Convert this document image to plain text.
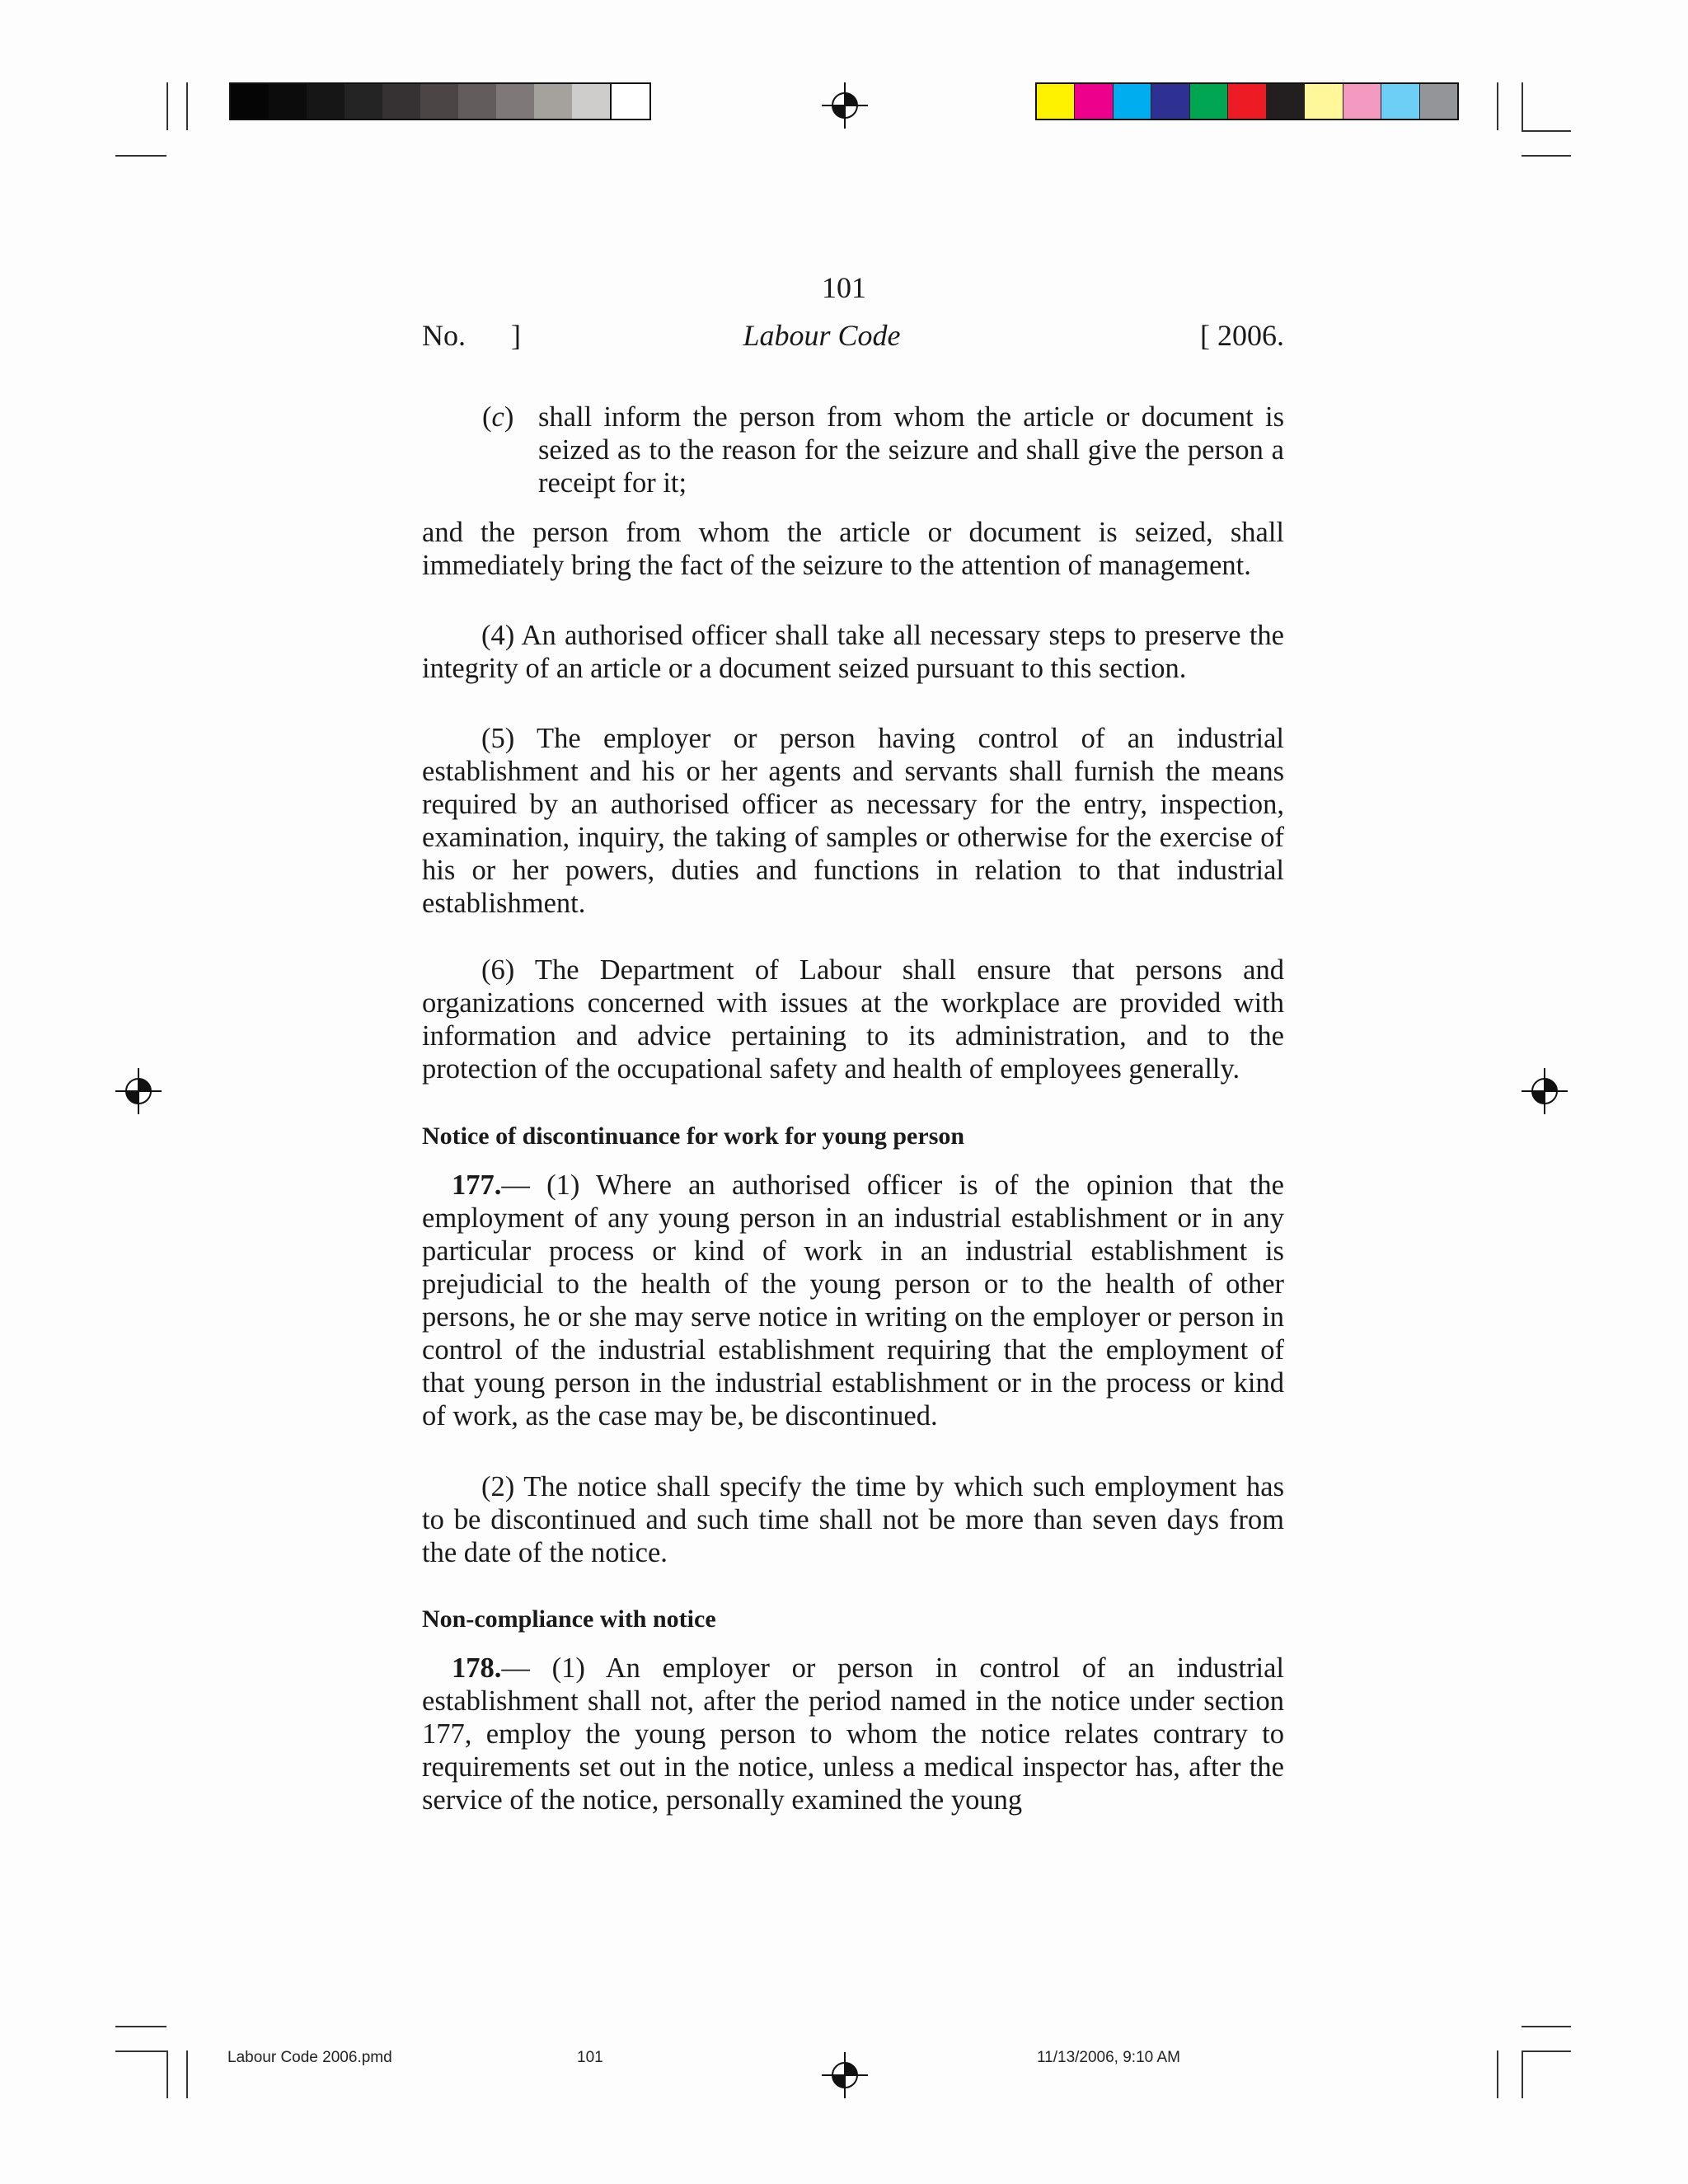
101
No. ]	Labour Code	[ 2006.
(c) shall inform the person from whom the article or document is seized as to the reason for the seizure and shall give the person a receipt for it;

and the person from whom the article or document is seized, shall immediately bring the fact of the seizure to the attention of management.

(4) An authorised officer shall take all necessary steps to preserve the integrity of an article or a document seized pursuant to this section.

(5) The employer or person having control of an industrial establishment and his or her agents and servants shall furnish the means required by an authorised officer as necessary for the entry, inspection, examination, inquiry, the taking of samples or otherwise for the exercise of his or her powers, duties and functions in relation to that industrial establishment.

(6) The Department of Labour shall ensure that persons and organizations concerned with issues at the workplace are provided with information and advice pertaining to its administration, and to the protection of the occupational safety and health of employees generally.

Notice of discontinuance for work for young person

177.— (1) Where an authorised officer is of the opinion that the employment of any young person in an industrial establishment or in any particular process or kind of work in an industrial establishment is prejudicial to the health of the young person or to the health of other persons, he or she may serve notice in writing on the employer or person in control of the industrial establishment requiring that the employment of that young person in the industrial establishment or in the process or kind of work, as the case may be, be discontinued.

(2) The notice shall specify the time by which such employment has to be discontinued and such time shall not be more than seven days from the date of the notice.

Non-compliance with notice

178.— (1) An employer or person in control of an industrial establishment shall not, after the period named in the notice under section 177, employ the young person to whom the notice relates contrary to requirements set out in the notice, unless a medical inspector has, after the service of the notice, personally examined the young

Labour Code 2006.pmd	101	11/13/2006, 9:10 AM
